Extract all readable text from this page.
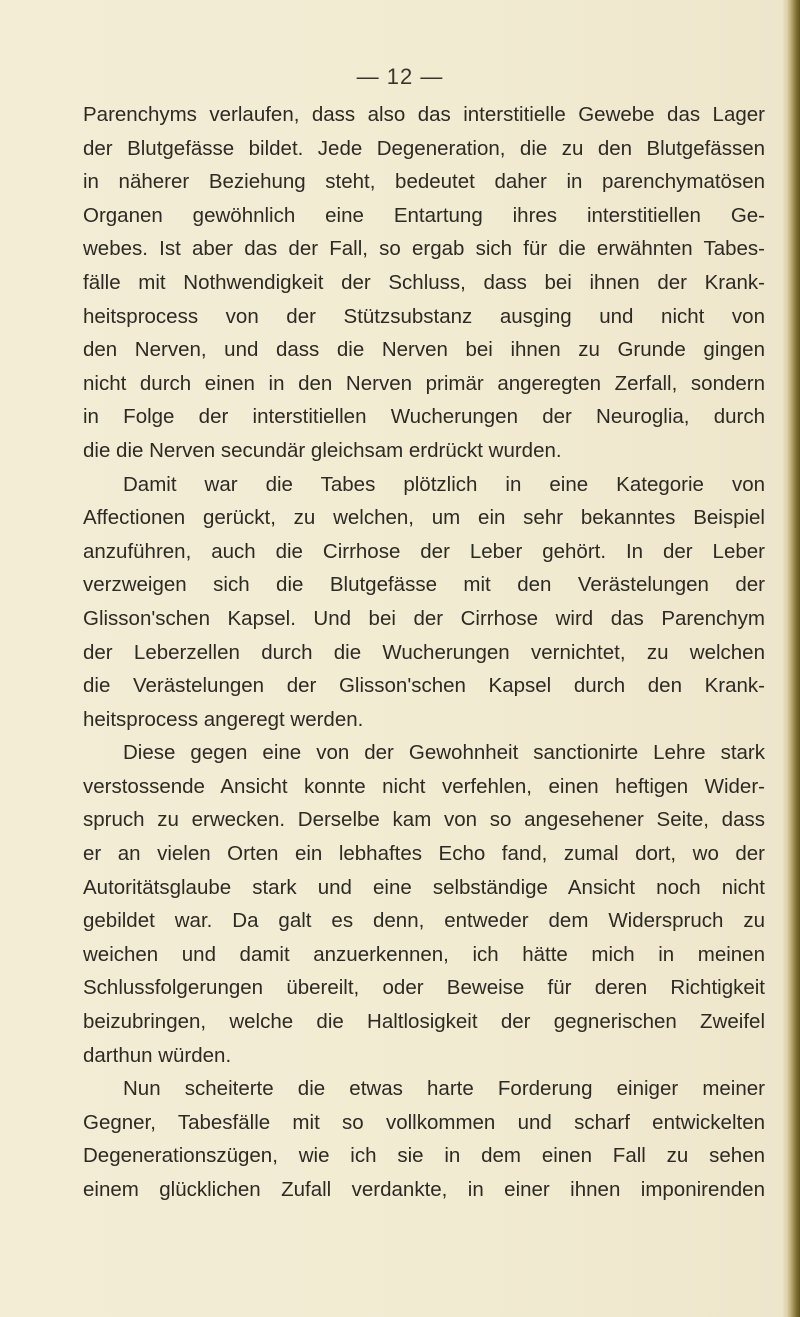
— 12 —
Parenchyms verlaufen, dass also das interstitielle Gewebe das Lager
der Blutgefässe bildet. Jede Degeneration, die zu den Blutgefässen
in näherer Beziehung steht, bedeutet daher in parenchymatösen
Organen gewöhnlich eine Entartung ihres interstitiellen Ge-
webes. Ist aber das der Fall, so ergab sich für die erwähnten Tabes-
fälle mit Nothwendigkeit der Schluss, dass bei ihnen der Krank-
heitsprocess von der Stützsubstanz ausging und nicht von
den Nerven, und dass die Nerven bei ihnen zu Grunde gingen
nicht durch einen in den Nerven primär angeregten Zerfall, sondern
in Folge der interstitiellen Wucherungen der Neuroglia, durch
die die Nerven secundär gleichsam erdrückt wurden.
Damit war die Tabes plötzlich in eine Kategorie von
Affectionen gerückt, zu welchen, um ein sehr bekanntes Beispiel
anzuführen, auch die Cirrhose der Leber gehört. In der Leber
verzweigen sich die Blutgefässe mit den Verästelungen der
Glisson'schen Kapsel. Und bei der Cirrhose wird das Parenchym
der Leberzellen durch die Wucherungen vernichtet, zu welchen
die Verästelungen der Glisson'schen Kapsel durch den Krank-
heitsprocess angeregt werden.
Diese gegen eine von der Gewohnheit sanctionirte Lehre stark
verstossende Ansicht konnte nicht verfehlen, einen heftigen Wider-
spruch zu erwecken. Derselbe kam von so angesehener Seite, dass
er an vielen Orten ein lebhaftes Echo fand, zumal dort, wo der
Autoritätsglaube stark und eine selbständige Ansicht noch nicht
gebildet war. Da galt es denn, entweder dem Widerspruch zu
weichen und damit anzuerkennen, ich hätte mich in meinen
Schlussfolgerungen übereilt, oder Beweise für deren Richtigkeit
beizubringen, welche die Haltlosigkeit der gegnerischen Zweifel
darthun würden.
Nun scheiterte die etwas harte Forderung einiger meiner
Gegner, Tabesfälle mit so vollkommen und scharf entwickelten
Degenerationszügen, wie ich sie in dem einen Fall zu sehen
einem glücklichen Zufall verdankte, in einer ihnen imponirenden
